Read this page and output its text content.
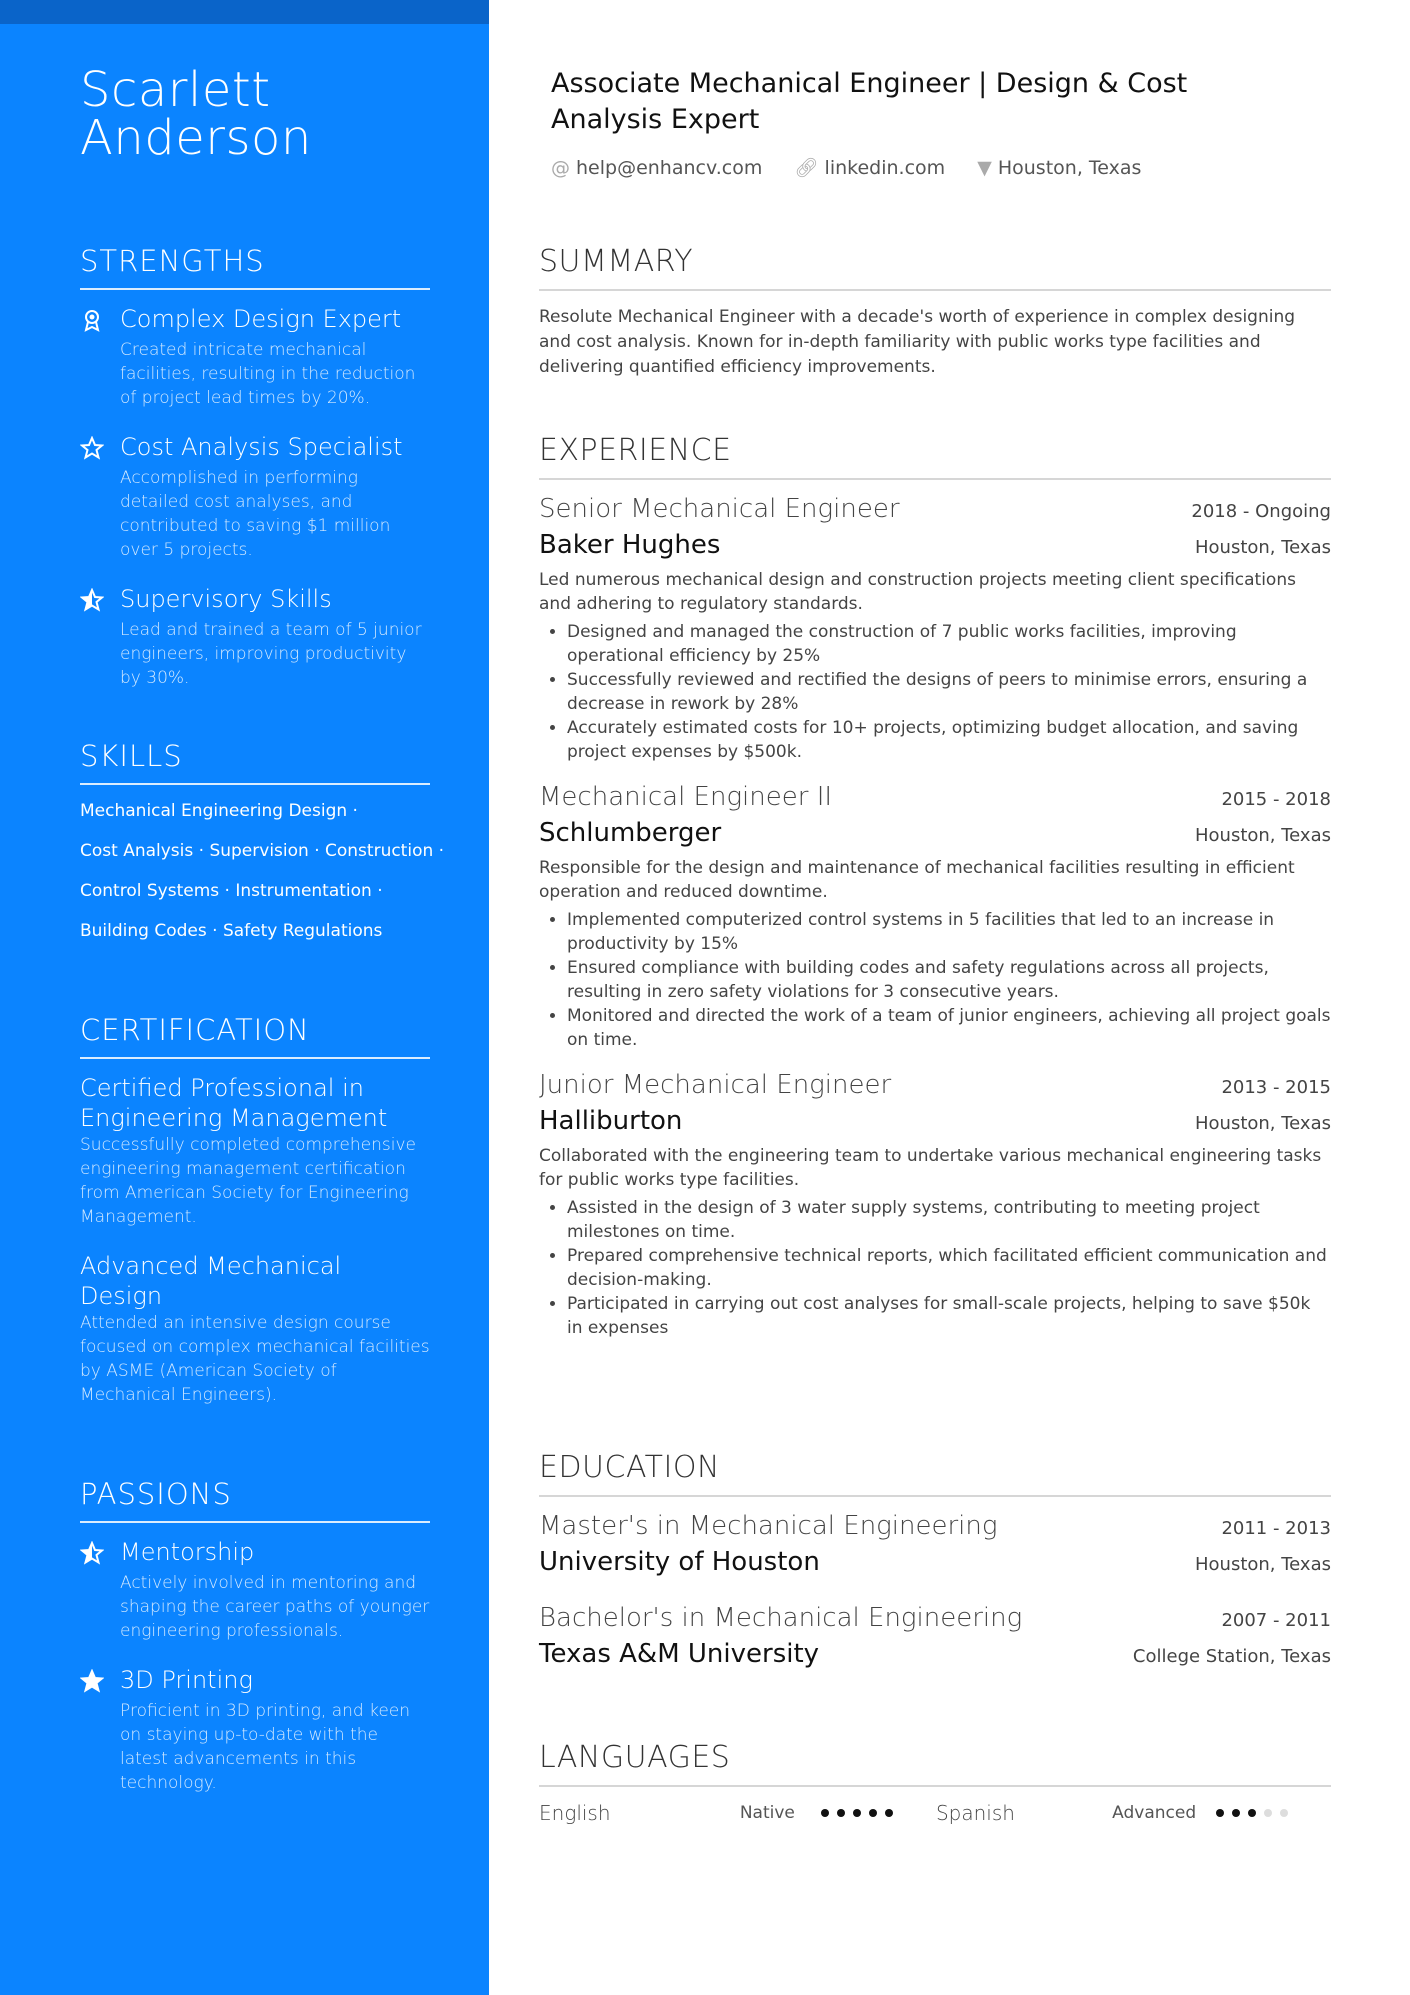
Scarlett Anderson
STRENGTHS
Complex Design Expert
Created intricate mechanical facilities, resulting in the reduction of project lead times by 20%.
Cost Analysis Specialist
Accomplished in performing detailed cost analyses, and contributed to saving $1 million over 5 projects.
Supervisory Skills
Lead and trained a team of 5 junior engineers, improving productivity by 30%.
SKILLS
Mechanical Engineering Design ·
Cost Analysis · Supervision · Construction ·
Control Systems · Instrumentation ·
Building Codes · Safety Regulations
CERTIFICATION
Certified Professional in Engineering Management
Successfully completed comprehensive engineering management certification from American Society for Engineering Management.
Advanced Mechanical Design
Attended an intensive design course focused on complex mechanical facilities by ASME (American Society of Mechanical Engineers).
PASSIONS
Mentorship
Actively involved in mentoring and shaping the career paths of younger engineering professionals.
3D Printing
Proficient in 3D printing, and keen on staying up-to-date with the latest advancements in this technology.
Associate Mechanical Engineer | Design & Cost Analysis Expert
@ help@enhancv.com 🔗︎ linkedin.com ▼ Houston, Texas
SUMMARY
Resolute Mechanical Engineer with a decade's worth of experience in complex designing and cost analysis. Known for in-depth familiarity with public works type facilities and delivering quantified efficiency improvements.
EXPERIENCE
Senior Mechanical Engineer	2018 - Ongoing
Baker Hughes	Houston, Texas
Led numerous mechanical design and construction projects meeting client specifications and adhering to regulatory standards.
• Designed and managed the construction of 7 public works facilities, improving operational efficiency by 25%
• Successfully reviewed and rectified the designs of peers to minimise errors, ensuring a decrease in rework by 28%
• Accurately estimated costs for 10+ projects, optimizing budget allocation, and saving project expenses by $500k.
Mechanical Engineer II	2015 - 2018
Schlumberger	Houston, Texas
Responsible for the design and maintenance of mechanical facilities resulting in efficient operation and reduced downtime.
• Implemented computerized control systems in 5 facilities that led to an increase in productivity by 15%
• Ensured compliance with building codes and safety regulations across all projects, resulting in zero safety violations for 3 consecutive years.
• Monitored and directed the work of a team of junior engineers, achieving all project goals on time.
Junior Mechanical Engineer	2013 - 2015
Halliburton	Houston, Texas
Collaborated with the engineering team to undertake various mechanical engineering tasks for public works type facilities.
• Assisted in the design of 3 water supply systems, contributing to meeting project milestones on time.
• Prepared comprehensive technical reports, which facilitated efficient communication and decision-making.
• Participated in carrying out cost analyses for small-scale projects, helping to save $50k in expenses
EDUCATION
Master's in Mechanical Engineering	2011 - 2013
University of Houston	Houston, Texas
Bachelor's in Mechanical Engineering	2007 - 2011
Texas A&M University	College Station, Texas
LANGUAGES
English	Native	Spanish	Advanced
